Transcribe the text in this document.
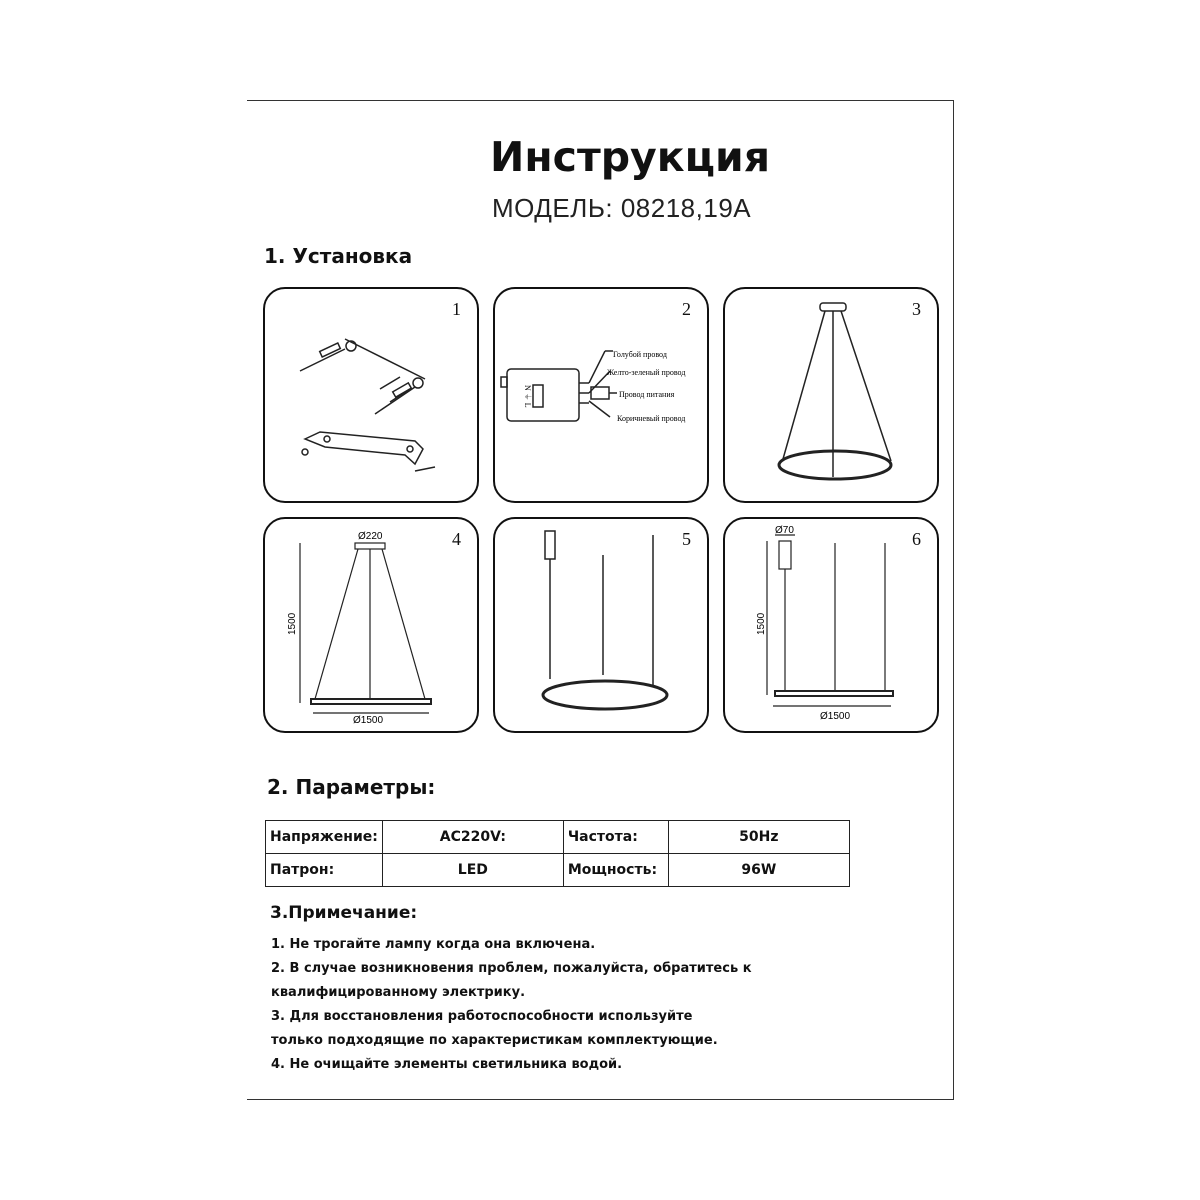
Инструкция
МОДЕЛЬ: 08218,19А
1. Установка
1	2
N ⏚ L
Голубой провод
Желто-зеленый провод
Провод питания
Коричневый провод
3
4
Ø220
1500
Ø1500
5	6
Ø70
1500
Ø1500
2. Параметры:
Напряжение:	AC220V:	Частота:	50Hz
Патрон:	LED	Мощность:	96W
3.Примечание:
1. Не трогайте лампу когда она включена.
2. В случае возникновения проблем, пожалуйста, обратитесь к
квалифицированному электрику.
3. Для восстановления работоспособности используйте
только подходящие по характеристикам комплектующие.
4. Не очищайте элементы светильника водой.
